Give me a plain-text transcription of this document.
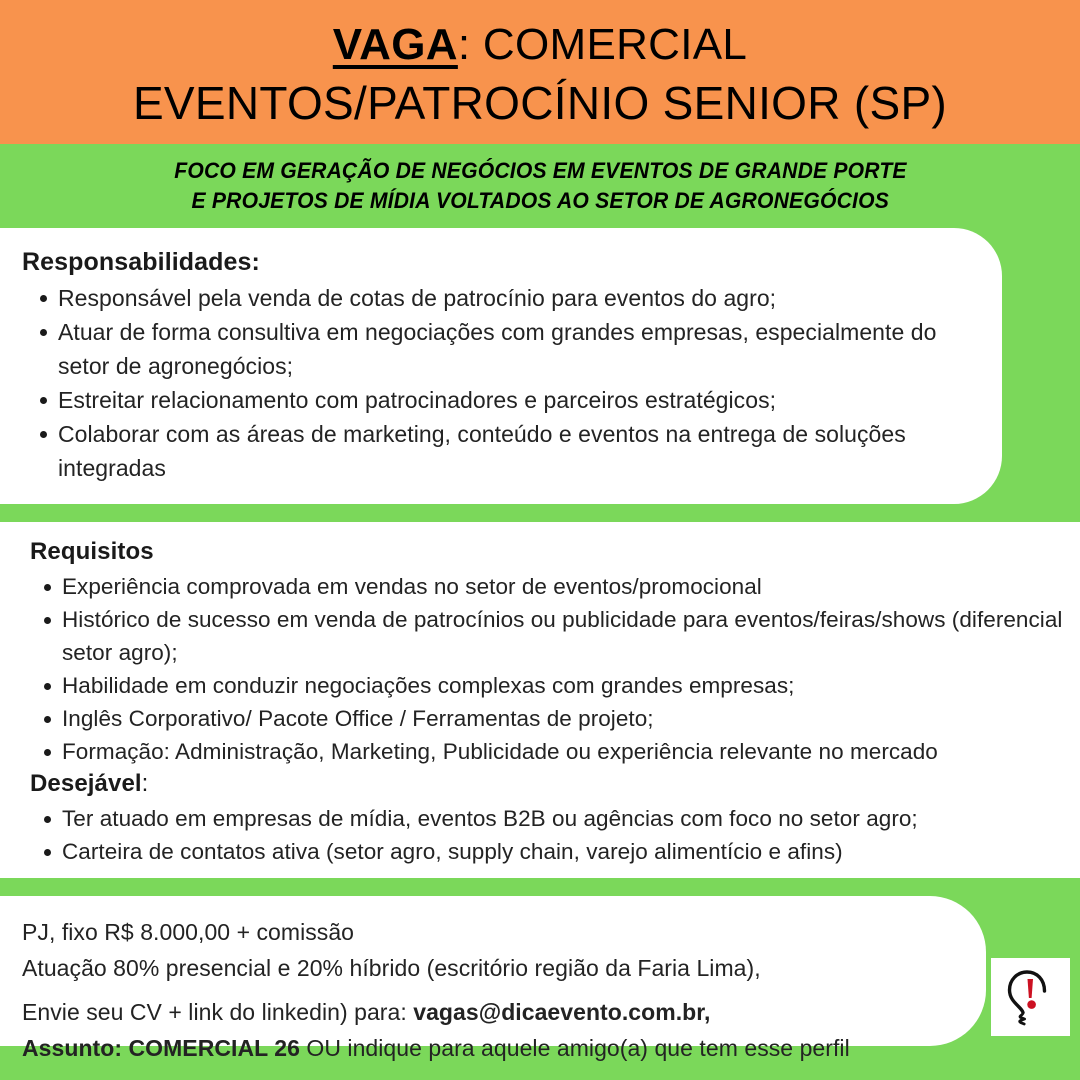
VAGA: COMERCIAL
EVENTOS/PATROCÍNIO SENIOR (SP)
FOCO EM GERAÇÃO DE NEGÓCIOS EM EVENTOS DE GRANDE PORTE
E PROJETOS DE MÍDIA VOLTADOS AO SETOR DE AGRONEGÓCIOS
Responsabilidades:
Responsável pela venda de cotas de patrocínio para eventos do agro;
Atuar de forma consultiva em negociações com grandes empresas, especialmente do setor de agronegócios;
Estreitar relacionamento com patrocinadores e parceiros estratégicos;
Colaborar com as áreas de marketing, conteúdo e eventos na entrega de soluções integradas
Requisitos
Experiência comprovada em vendas no setor de eventos/promocional
Histórico de sucesso em venda de patrocínios ou publicidade para eventos/feiras/shows (diferencial setor agro);
Habilidade em conduzir negociações complexas com grandes empresas;
Inglês Corporativo/ Pacote Office / Ferramentas de projeto;
Formação: Administração, Marketing, Publicidade ou experiência relevante no mercado
Desejável:
Ter atuado em empresas de mídia, eventos B2B ou agências com foco no setor agro;
Carteira de contatos ativa (setor agro, supply chain, varejo alimentício e afins)
PJ, fixo R$ 8.000,00 + comissão
Atuação 80% presencial e 20% híbrido (escritório região da Faria Lima),
Envie seu CV + link do linkedin) para: vagas@dicaevento.com.br,
Assunto: COMERCIAL 26 OU indique para aquele amigo(a) que tem esse perfil
